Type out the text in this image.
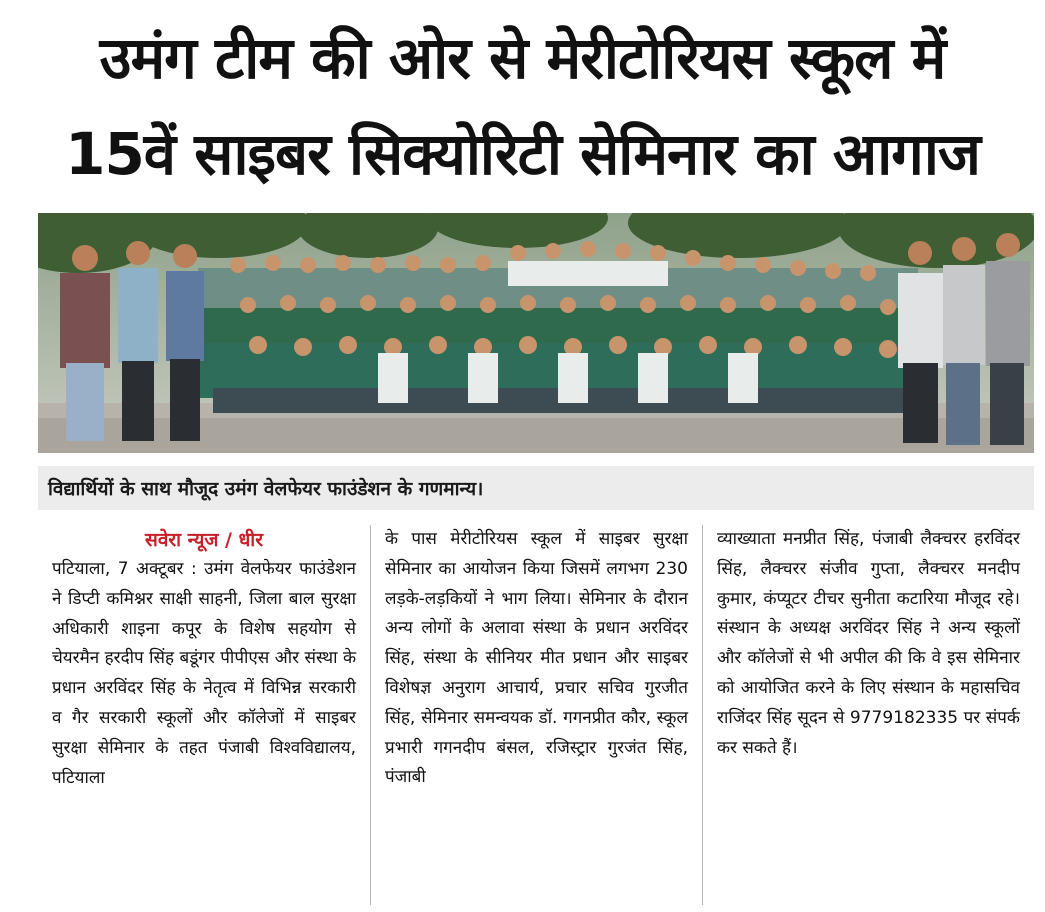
उमंग टीम की ओर से मेरीटोरियस स्कूल में
15वें साइबर सिक्योरिटी सेमिनार का आगाज
विद्यार्थियों के साथ मौजूद उमंग वेलफेयर फाउंडेशन के गणमान्य।
सवेरा न्यूज / धीर

पटियाला, 7 अक्टूबर : उमंग वेलफेयर फाउंडेशन ने डिप्टी कमिश्नर साक्षी साहनी, जिला बाल सुरक्षा अधिकारी शाइना कपूर के विशेष सहयोग से चेयरमैन हरदीप सिंह बडूंगर पीपीएस और संस्था के प्रधान अरविंदर सिंह के नेतृत्व में विभिन्न सरकारी व गैर सरकारी स्कूलों और कॉलेजों में साइबर सुरक्षा सेमिनार के तहत पंजाबी विश्वविद्यालय, पटियाला

के पास मेरीटोरियस स्कूल में साइबर सुरक्षा सेमिनार का आयोजन किया जिसमें लगभग 230 लड़के-लड़कियों ने भाग लिया। सेमिनार के दौरान अन्य लोगों के अलावा संस्था के प्रधान अरविंदर सिंह, संस्था के सीनियर मीत प्रधान और साइबर विशेषज्ञ अनुराग आचार्य, प्रचार सचिव गुरजीत सिंह, सेमिनार समन्वयक डॉ. गगनप्रीत कौर, स्कूल प्रभारी गगनदीप बंसल, रजिस्ट्रार गुरजंत सिंह, पंजाबी

व्याख्याता मनप्रीत सिंह, पंजाबी लैक्चरर हरविंदर सिंह, लैक्चरर संजीव गुप्ता, लैक्चरर मनदीप कुमार, कंप्यूटर टीचर सुनीता कटारिया मौजूद रहे। संस्थान के अध्यक्ष अरविंदर सिंह ने अन्य स्कूलों और कॉलेजों से भी अपील की कि वे इस सेमिनार को आयोजित करने के लिए संस्थान के महासचिव राजिंदर सिंह सूदन से 9779182335 पर संपर्क कर सकते हैं।
